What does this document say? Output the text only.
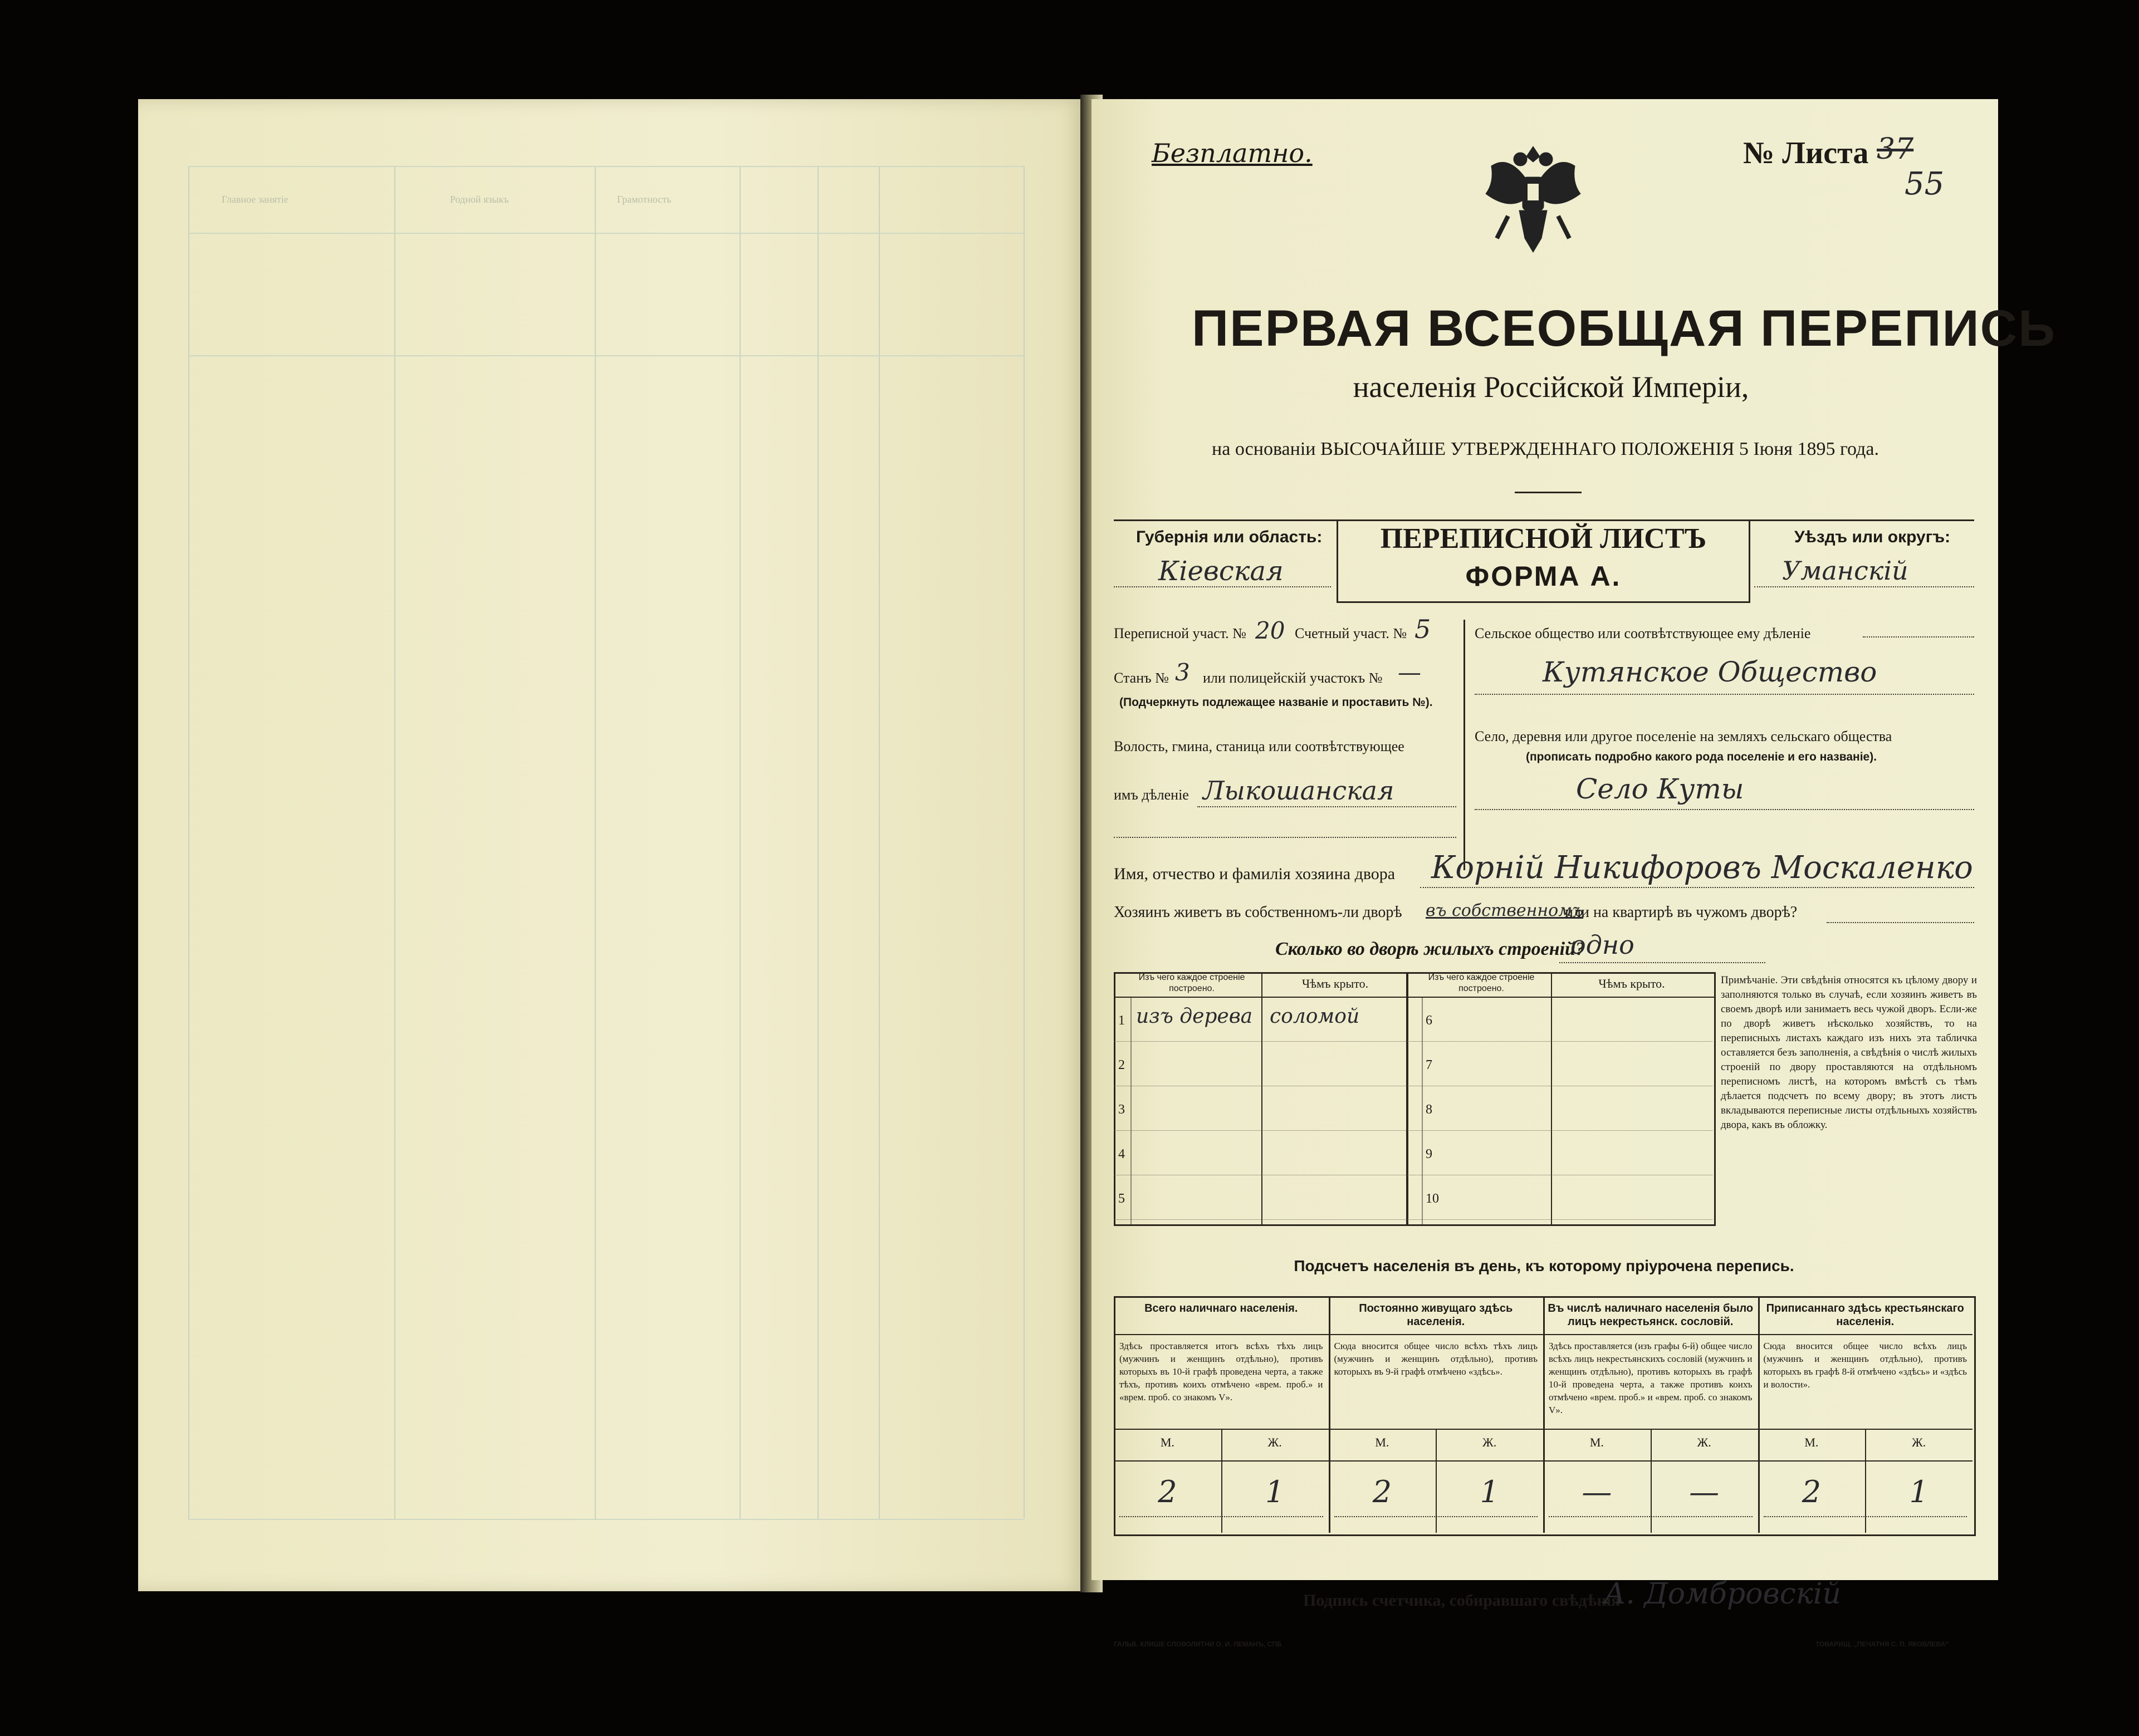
Главное занятіе	Родной языкъ	Грамотность
Безплатно.	№ Листа 37
55
ПЕРВАЯ ВСЕОБЩАЯ ПЕРЕПИСЬ
населенія Россійской Имперіи,
на основаніи ВЫСОЧАЙШЕ УТВЕРЖДЕННАГО ПОЛОЖЕНІЯ 5 Іюня 1895 года.
Губернія или область:
Кіевская
ПЕРЕПИСНОЙ ЛИСТЪ
ФОРМА А.
Уѣздъ или округъ:
Уманскій
Переписной участ. № 20 Счетный участ. № 5
Станъ № 3 или полицейскій участокъ № —
(Подчеркнуть подлежащее названіе и проставить №).
Волость, гмина, станица или соотвѣтствующее
имъ дѣленіе Лыкошанская
Сельское общество или соотвѣтствующее ему дѣленіе
Кутянское Общество
Село, деревня или другое поселеніе на земляхъ сельскаго общества
(прописать подробно какого рода поселеніе и его названіе).
Село Куты
Имя, отчество и фамилія хозяина двора Корній Никифоровъ Москаленко
Хозяинъ живетъ въ собственномъ-ли дворѣ въ собственномъ
или на квартирѣ въ чужомъ дворѣ?
Сколько во дворѣ жилыхъ строеній?
одно
Изъ чего каждое строеніе построено.	Чѣмъ крыто.	Изъ чего каждое строеніе построено.	Чѣмъ крыто.
1 изъ дерева соломой
2
3
4
5
6
7
8
9
10
Примѣчаніе. Эти свѣдѣнія относятся къ цѣлому двору и заполняются только въ случаѣ, если хозяинъ живетъ въ своемъ дворѣ или занимаетъ весь чужой дворъ. Если-же по дворѣ живетъ нѣсколько хозяйствъ, то на переписныхъ листахъ каждаго изъ нихъ эта табличка оставляется безъ заполненія, а свѣдѣнія о числѣ жилыхъ строеній по двору проставляются на отдѣльномъ переписномъ листѣ, на которомъ вмѣстѣ съ тѣмъ дѣлается подсчетъ по всему двору; въ этотъ листъ вкладываются переписные листы отдѣльныхъ хозяйствъ двора, какъ въ обложку.
Подсчетъ населенія въ день, къ которому пріурочена перепись.
Всего наличнаго населенія.
Здѣсь проставляется итогъ всѣхъ тѣхъ лицъ (мужчинъ и женщинъ отдѣльно), противъ которыхъ въ 10-й графѣ проведена черта, а также тѣхъ, противъ коихъ отмѣчено «врем. проб.» и «врем. проб. со знакомъ V».
М.	Ж.
2	1
Постоянно живущаго здѣсь населенія.
Сюда вносится общее число всѣхъ тѣхъ лицъ (мужчинъ и женщинъ отдѣльно), противъ которыхъ въ 9-й графѣ отмѣчено «здѣсь».
М.	Ж.
2	1
Въ числѣ наличнаго населенія было лицъ некрестьянск. сословій.
Здѣсь проставляется (изъ графы 6-й) общее число всѣхъ лицъ некрестьянскихъ сословій (мужчинъ и женщинъ отдѣльно), противъ которыхъ въ графѣ 10-й проведена черта, а также противъ коихъ отмѣчено «врем. проб.» и «врем. проб. со знакомъ V».
М.	Ж.
—	—
Приписаннаго здѣсь крестьянскаго населенія.
Сюда вносится общее число всѣхъ лицъ (мужчинъ и женщинъ отдѣльно), противъ которыхъ въ графѣ 8-й отмѣчено «здѣсь» и «здѣсь и волости».
М.	Ж.
2	1
Подпись счетчика, собиравшаго свѣдѣнія
А. Домбровскій
ГАЛЬВ. КЛИШЕ СЛОВОЛИТНИ О. И. ЛЕМАНЪ, СПБ	ТОВАРИЩ. „ПЕЧАТНЯ С. П. ЯКОВЛЕВА“
